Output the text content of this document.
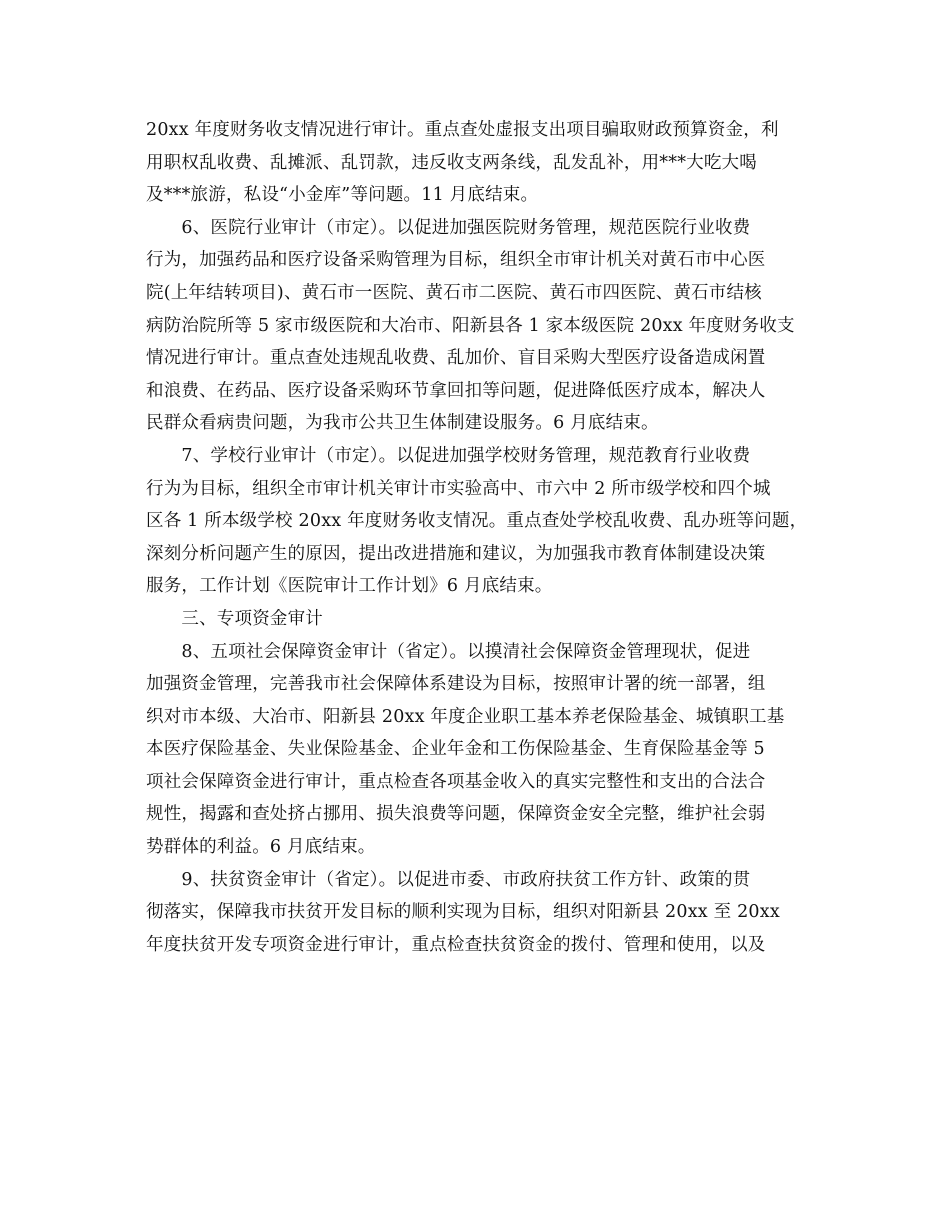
20xx 年度财务收支情况进行审计。重点查处虚报支出项目骗取财政预算资金，利
用职权乱收费、乱摊派、乱罚款，违反收支两条线，乱发乱补，用***大吃大喝
及***旅游，私设“小金库”等问题。11 月底结束。
　　6、医院行业审计（市定）。以促进加强医院财务管理，规范医院行业收费
行为，加强药品和医疗设备采购管理为目标，组织全市审计机关对黄石市中心医
院(上年结转项目)、黄石市一医院、黄石市二医院、黄石市四医院、黄石市结核
病防治院所等 5 家市级医院和大冶市、阳新县各 1 家本级医院 20xx 年度财务收支
情况进行审计。重点查处违规乱收费、乱加价、盲目采购大型医疗设备造成闲置
和浪费、在药品、医疗设备采购环节拿回扣等问题，促进降低医疗成本，解决人
民群众看病贵问题，为我市公共卫生体制建设服务。6 月底结束。
　　7、学校行业审计（市定）。以促进加强学校财务管理，规范教育行业收费
行为为目标，组织全市审计机关审计市实验高中、市六中 2 所市级学校和四个城
区各 1 所本级学校 20xx 年度财务收支情况。重点查处学校乱收费、乱办班等问题，
深刻分析问题产生的原因，提出改进措施和建议，为加强我市教育体制建设决策
服务，工作计划《医院审计工作计划》6 月底结束。
　　三、专项资金审计
　　8、五项社会保障资金审计（省定）。以摸清社会保障资金管理现状，促进
加强资金管理，完善我市社会保障体系建设为目标，按照审计署的统一部署，组
织对市本级、大冶市、阳新县 20xx 年度企业职工基本养老保险基金、城镇职工基
本医疗保险基金、失业保险基金、企业年金和工伤保险基金、生育保险基金等 5
项社会保障资金进行审计，重点检查各项基金收入的真实完整性和支出的合法合
规性，揭露和查处挤占挪用、损失浪费等问题，保障资金安全完整，维护社会弱
势群体的利益。6 月底结束。
　　9、扶贫资金审计（省定）。以促进市委、市政府扶贫工作方针、政策的贯
彻落实，保障我市扶贫开发目标的顺利实现为目标，组织对阳新县 20xx 至 20xx
年度扶贫开发专项资金进行审计，重点检查扶贫资金的拨付、管理和使用，以及
